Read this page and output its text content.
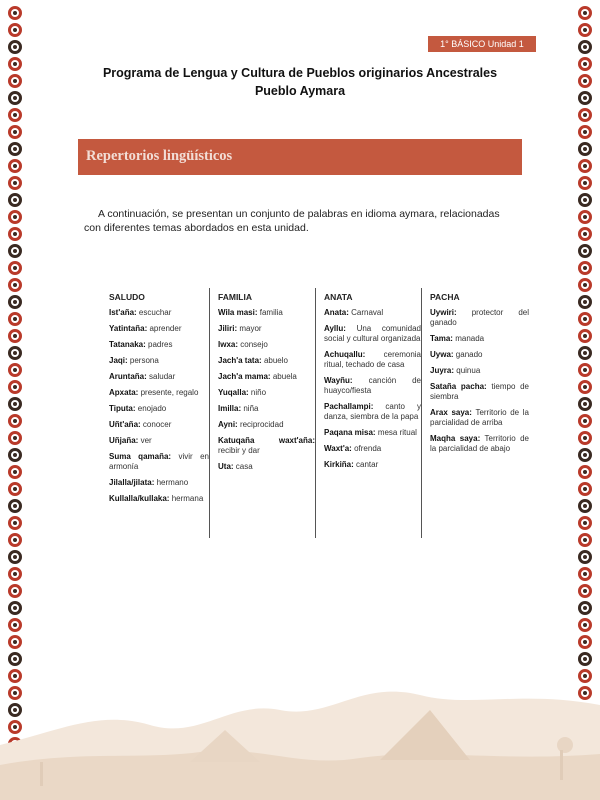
1° BÁSICO Unidad 1
Programa de Lengua y Cultura de Pueblos originarios Ancestrales
Pueblo Aymara
Repertorios lingüísticos
A continuación, se presentan un conjunto de palabras en idioma aymara, relacionadas con diferentes temas abordados en esta unidad.
SALUDO
Ist'aña: escuchar
Yatintaña: aprender
Tatanaka: padres
Jaqi: persona
Aruntaña: saludar
Apxata: presente, regalo
Tiputa: enojado
Uñt'aña: conocer
Uñjaña: ver
Suma qamaña: vivir en armonía
Jilalla/jilata: hermano
Kullalla/kullaka: hermana
FAMILIA
Wila masi: familia
Jiliri: mayor
Iwxa: consejo
Jach'a tata: abuelo
Jach'a mama: abuela
Yuqalla: niño
Imilla: niña
Ayni: reciprocidad
Katuqaña waxt'aña: recibir y dar
Uta: casa
ANATA
Anata: Carnaval
Ayllu: Una comunidad social y cultural organizada
Achuqallu: ceremonia ritual, techado de casa
Wayñu: canción de huayco/fiesta
Pachallampi: canto y danza, siembra de la papa
Paqana misa: mesa ritual
Waxt'a: ofrenda
Kirkiña: cantar
PACHA
Uywiri: protector del ganado
Tama: manada
Uywa: ganado
Juyra: quinua
Sataña pacha: tiempo de siembra
Arax saya: Territorio de la parcialidad de arriba
Maqha saya: Territorio de la parcialidad de abajo
